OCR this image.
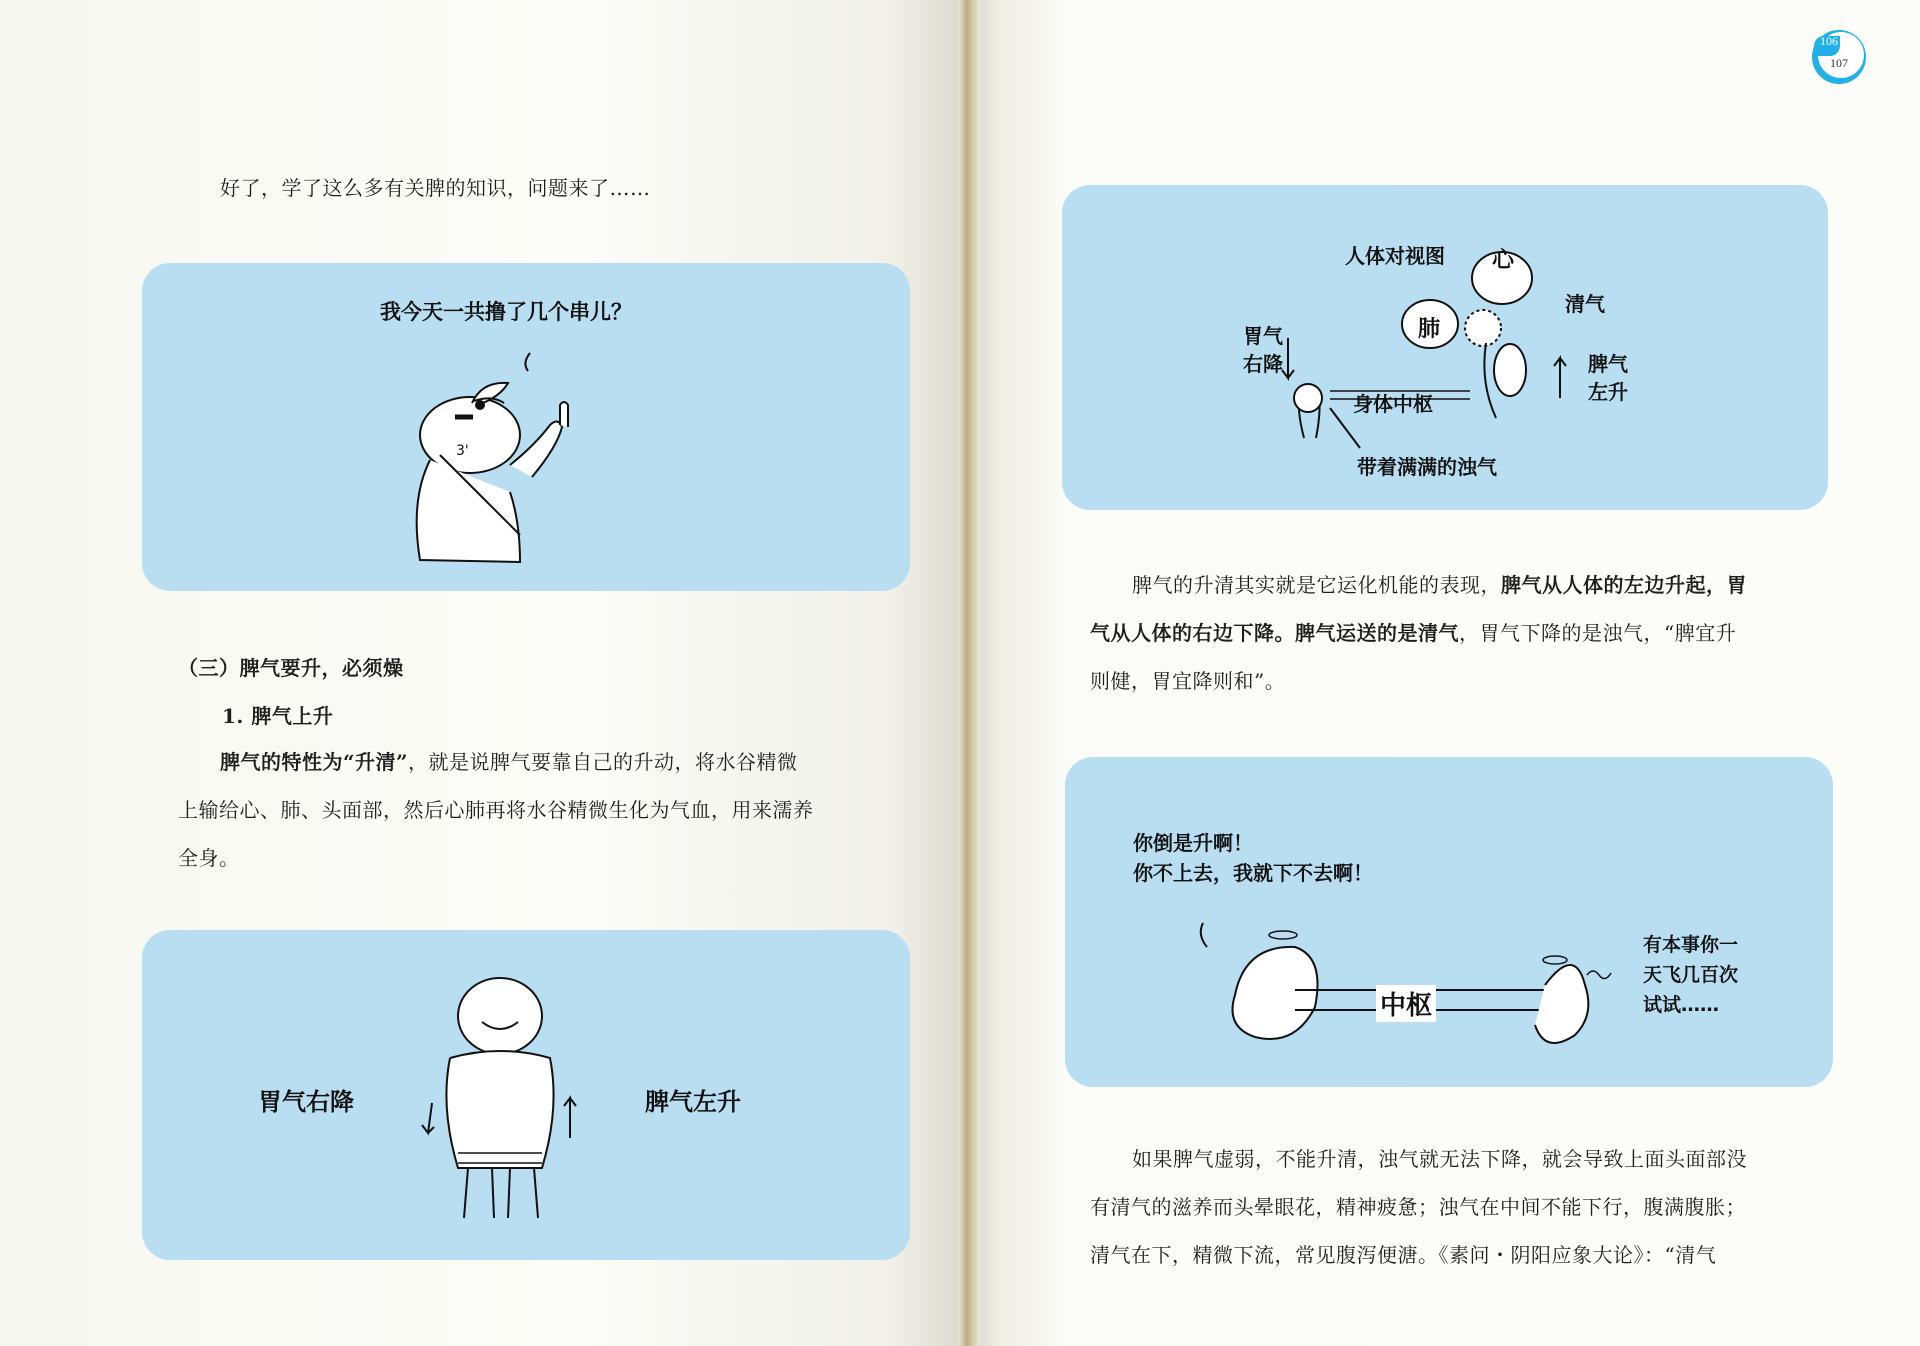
106
107
好了，学了这么多有关脾的知识，问题来了……
我今天一共撸了几个串儿？
3'
（三）脾气要升，必须燥
1. 脾气上升
脾气的特性为“升清”，就是说脾气要靠自己的升动，将水谷精微
上输给心、肺、头面部，然后心肺再将水谷精微生化为气血，用来濡养
全身。
胃气右降	脾气左升
人体对视图 心
肺
清气
胃气
右降	脾气
左升
身体中枢
带着满满的浊气
脾气的升清其实就是它运化机能的表现，脾气从人体的左边升起，胃
气从人体的右边下降。脾气运送的是清气，胃气下降的是浊气，“脾宜升
则健，胃宜降则和”。
你倒是升啊！
你不上去，我就下不去啊！
中枢
有本事你一
天飞几百次
试试……
如果脾气虚弱，不能升清，浊气就无法下降，就会导致上面头面部没
有清气的滋养而头晕眼花，精神疲惫；浊气在中间不能下行，腹满腹胀；
清气在下，精微下流，常见腹泻便溏。《素问・阴阳应象大论》：“清气
